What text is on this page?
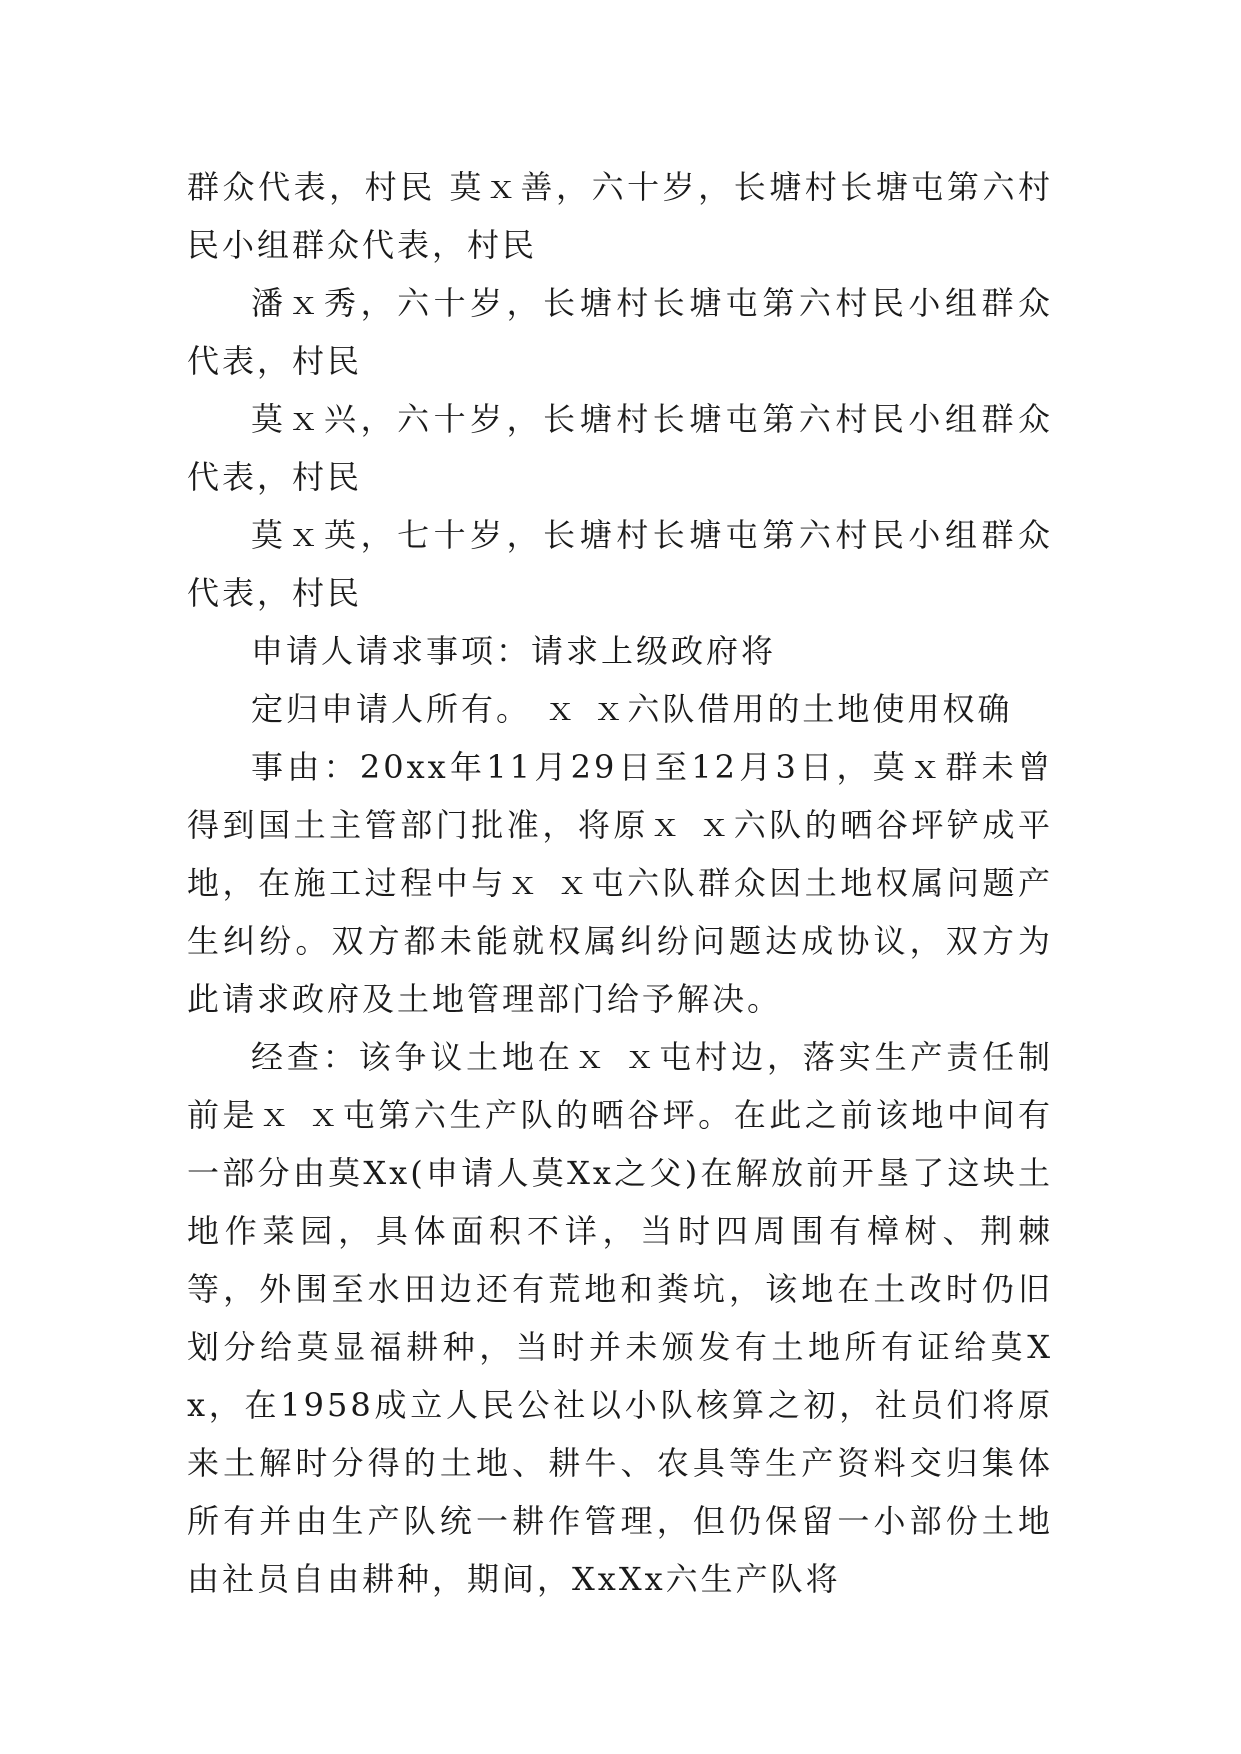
群众代表，村民 莫ｘ善，六十岁，长塘村长塘屯第六村民小组群众代表，村民

潘ｘ秀，六十岁，长塘村长塘屯第六村民小组群众代表，村民

莫ｘ兴，六十岁，长塘村长塘屯第六村民小组群众代表，村民

莫ｘ英，七十岁，长塘村长塘屯第六村民小组群众代表，村民

申请人请求事项：请求上级政府将

定归申请人所有。 ｘ ｘ六队借用的土地使用权确

事由：20xx年11月29日至12月3日，莫ｘ群未曾得到国土主管部门批准，将原ｘ ｘ六队的晒谷坪铲成平地，在施工过程中与ｘ ｘ屯六队群众因土地权属问题产生纠纷。双方都未能就权属纠纷问题达成协议，双方为此请求政府及土地管理部门给予解决。

经查：该争议土地在ｘ ｘ屯村边，落实生产责任制前是ｘ ｘ屯第六生产队的晒谷坪。在此之前该地中间有一部分由莫Xx(申请人莫Xx之父)在解放前开垦了这块土地作菜园，具体面积不详，当时四周围有樟树、荆棘等，外围至水田边还有荒地和粪坑，该地在土改时仍旧划分给莫显福耕种，当时并未颁发有土地所有证给莫Xx，在1958成立人民公社以小队核算之初，社员们将原来土解时分得的土地、耕牛、农具等生产资料交归集体所有并由生产队统一耕作管理，但仍保留一小部份土地由社员自由耕种，期间，XxXx六生产队将
